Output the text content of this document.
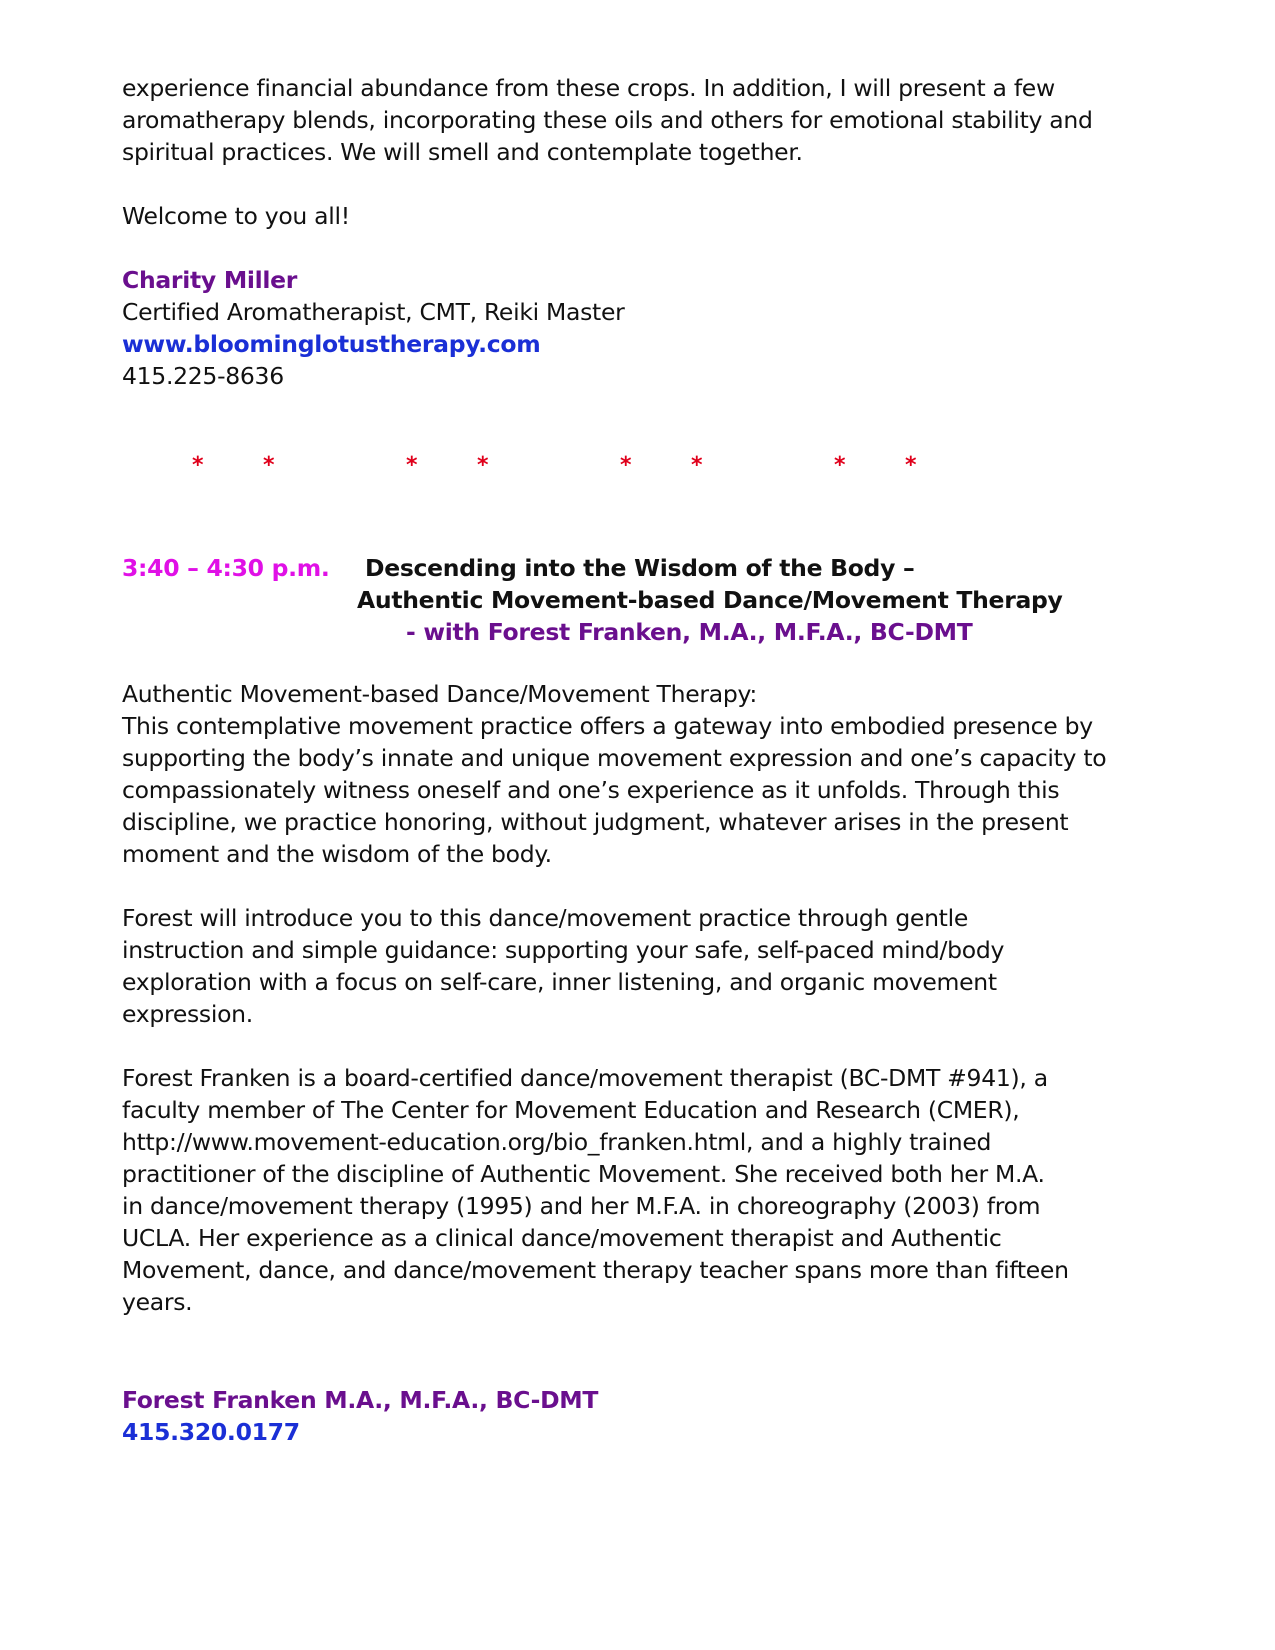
experience financial abundance from these crops. In addition, I will present a few
aromatherapy blends, incorporating these oils and others for emotional stability and
spiritual practices. We will smell and contemplate together.
Welcome to you all!
Charity Miller
Certified Aromatherapist, CMT, Reiki Master
www.bloominglotustherapy.com
415.225-8636
*	*	*	*	*	*	*	*
3:40 – 4:30 p.m. Descending into the Wisdom of the Body –
Authentic Movement-based Dance/Movement Therapy
- with Forest Franken, M.A., M.F.A., BC-DMT
Authentic Movement-based Dance/Movement Therapy:
This contemplative movement practice offers a gateway into embodied presence by
supporting the body’s innate and unique movement expression and one’s capacity to
compassionately witness oneself and one’s experience as it unfolds. Through this
discipline, we practice honoring, without judgment, whatever arises in the present
moment and the wisdom of the body.
Forest will introduce you to this dance/movement practice through gentle
instruction and simple guidance: supporting your safe, self-paced mind/body
exploration with a focus on self-care, inner listening, and organic movement
expression.
Forest Franken is a board-certified dance/movement therapist (BC-DMT #941), a
faculty member of The Center for Movement Education and Research (CMER),
http://www.movement-education.org/bio_franken.html, and a highly trained
practitioner of the discipline of Authentic Movement. She received both her M.A.
in dance/movement therapy (1995) and her M.F.A. in choreography (2003) from
UCLA. Her experience as a clinical dance/movement therapist and Authentic
Movement, dance, and dance/movement therapy teacher spans more than fifteen
years.
Forest Franken M.A., M.F.A., BC-DMT
415.320.0177
